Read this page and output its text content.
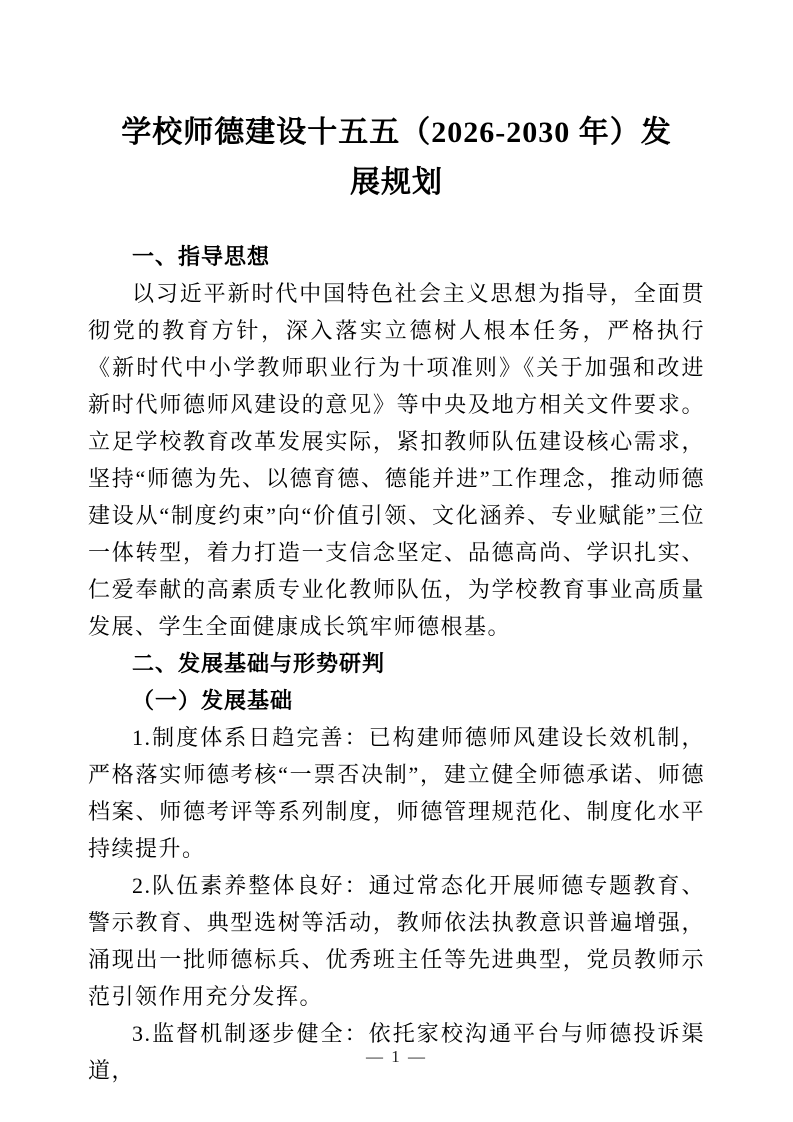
学校师德建设十五五（2026-2030 年）发
展规划
一、指导思想

以习近平新时代中国特色社会主义思想为指导，全面贯彻党的教育方针，深入落实立德树人根本任务，严格执行《新时代中小学教师职业行为十项准则》《关于加强和改进新时代师德师风建设的意见》等中央及地方相关文件要求。立足学校教育改革发展实际，紧扣教师队伍建设核心需求，坚持“师德为先、以德育德、德能并进”工作理念，推动师德建设从“制度约束”向“价值引领、文化涵养、专业赋能”三位一体转型，着力打造一支信念坚定、品德高尚、学识扎实、仁爱奉献的高素质专业化教师队伍，为学校教育事业高质量发展、学生全面健康成长筑牢师德根基。

二、发展基础与形势研判
（一）发展基础

1.制度体系日趋完善：已构建师德师风建设长效机制，严格落实师德考核“一票否决制”，建立健全师德承诺、师德档案、师德考评等系列制度，师德管理规范化、制度化水平持续提升。

2.队伍素养整体良好：通过常态化开展师德专题教育、警示教育、典型选树等活动，教师依法执教意识普遍增强，涌现出一批师德标兵、优秀班主任等先进典型，党员教师示范引领作用充分发挥。

3.监督机制逐步健全：依托家校沟通平台与师德投诉渠道，

— 1 —
